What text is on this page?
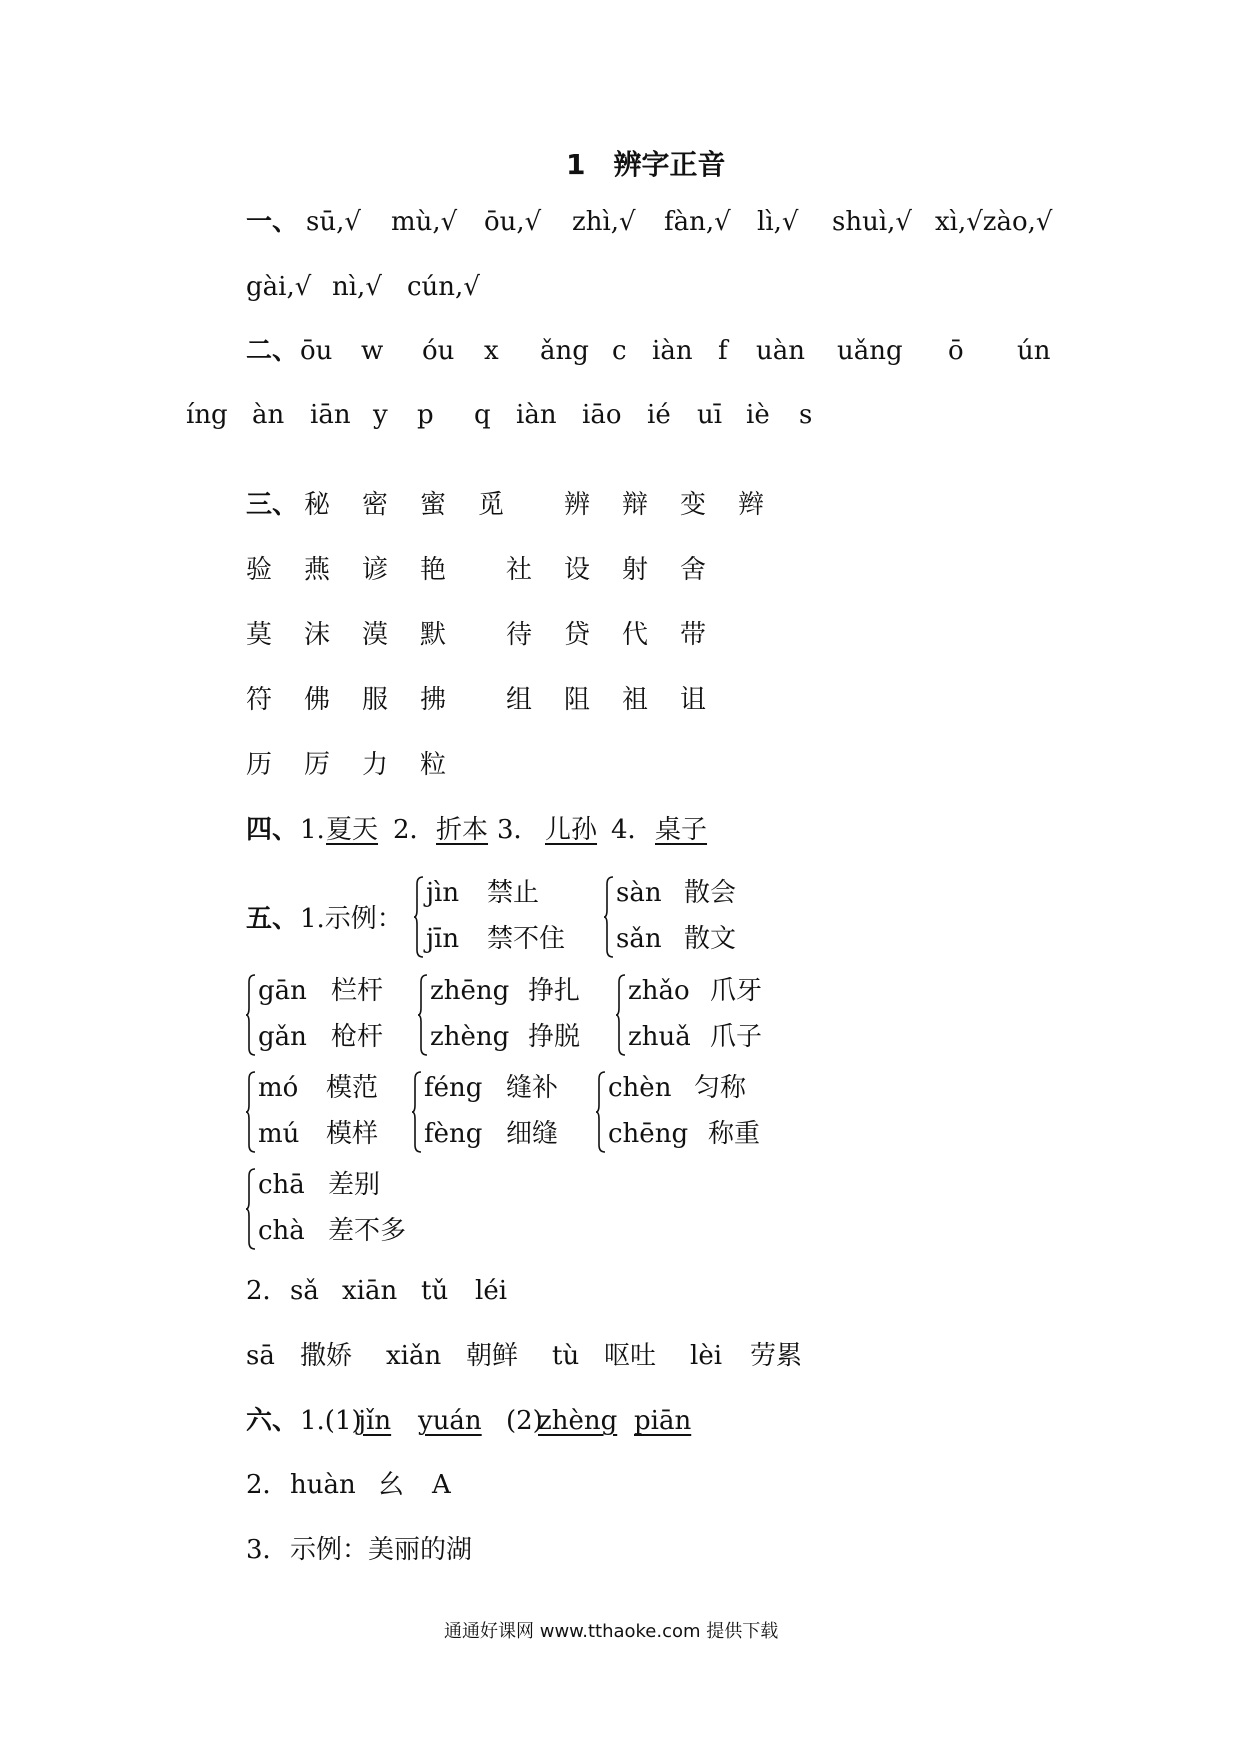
1　辨字正音
一、 sū,√ mù,√ ōu,√ zhì,√ fàn,√ lì,√ shuì,√ xì,√zào,√
gài,√ nì,√ cún,√
二、 ōu w óu x ǎng c iàn f uàn uǎng ō ún
íng àn iān y p q iàn iāo ié uī iè s
三、 秘 密 蜜 觅 辨 辩 变 辫
验 燕 谚 艳 社 设 射 舍
莫 沫 漠 默 待 贷 代 带
符 佛 服 拂 组 阻 祖 诅
历 厉 力 粒
四、 1. 夏天 2． 折本 3． 儿孙 4． 桌子
五、 1.示例：
jìn 禁止
jīn 禁不住
sàn 散会
sǎn 散文
gān 栏杆
gǎn 枪杆
zhēng 挣扎
zhèng 挣脱
zhǎo 爪牙
zhuǎ 爪子
mó 模范
mú 模样
féng 缝补
fèng 细缝
chèn 匀称
chēng 称重
chā 差别
chà 差不多
2． sǎ xiān tǔ léi
sā 撒娇 xiǎn 朝鲜 tù 呕吐 lèi 劳累
六、 1.(1)
jǐn yuán (2)
zhèng piān
2． huàn 幺 A
3． 示例：美丽的湖
通通好课网 www.tthaoke.com 提供下载
